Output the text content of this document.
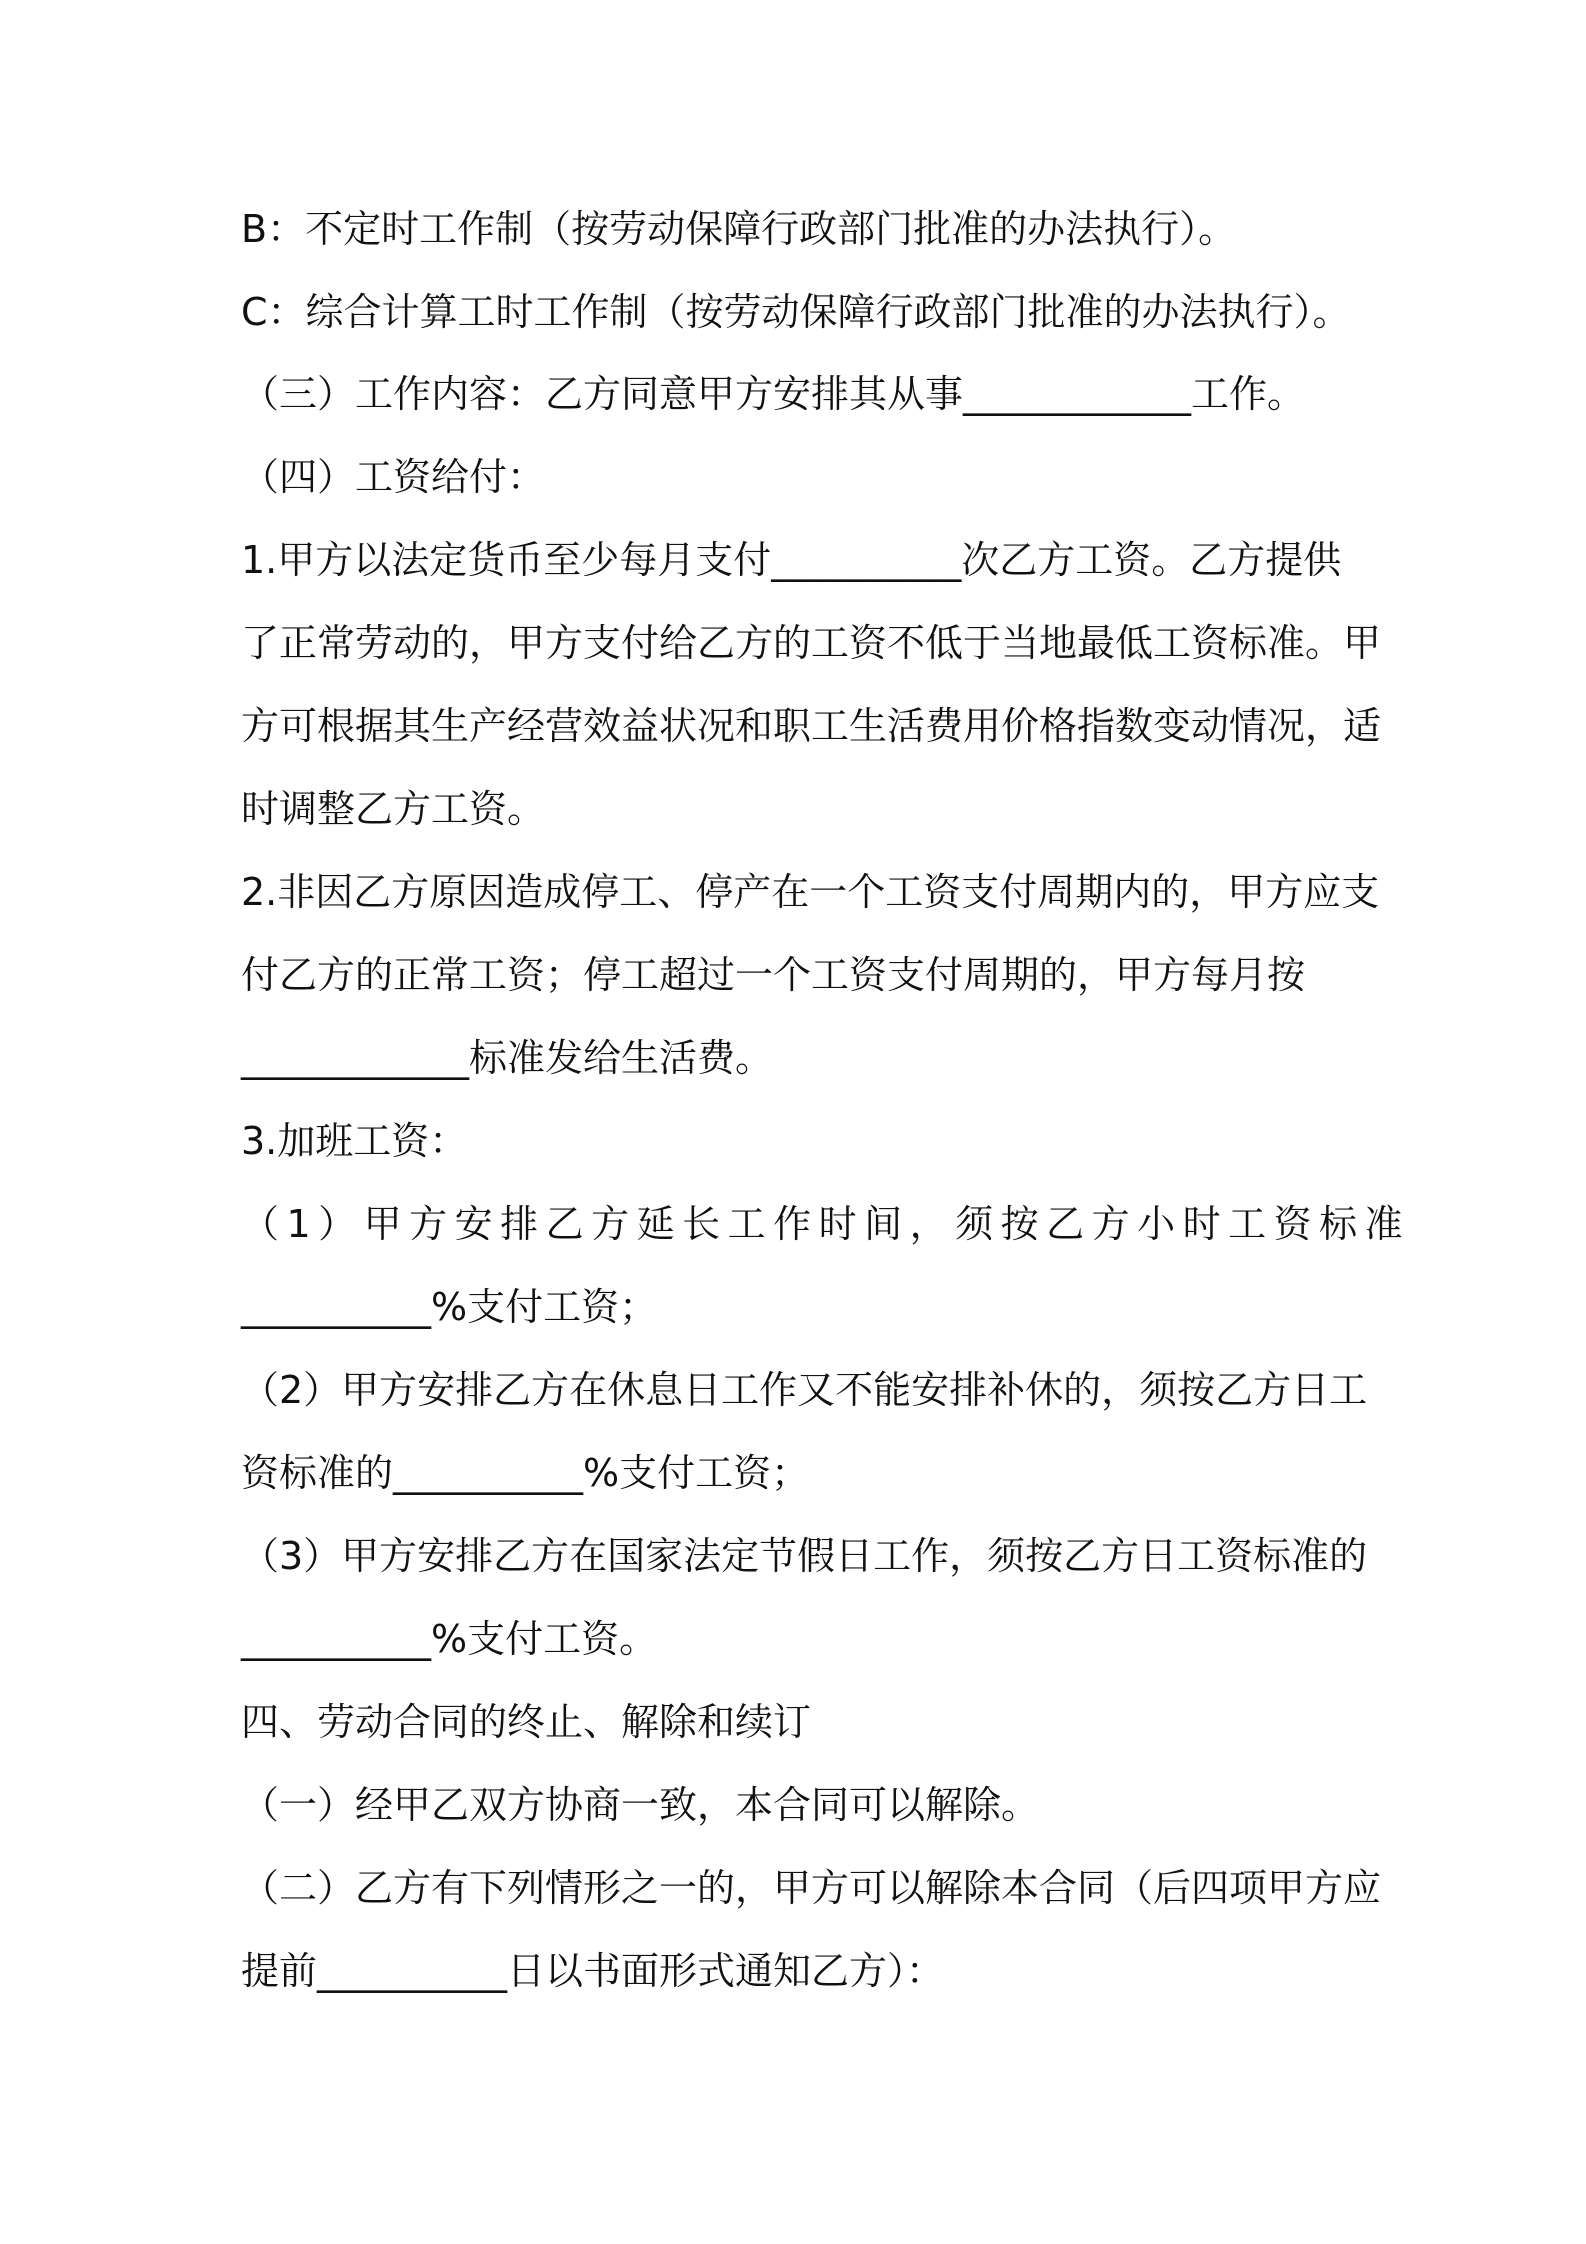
B：不定时工作制（按劳动保障行政部门批准的办法执行）。
C：综合计算工时工作制（按劳动保障行政部门批准的办法执行）。
（三）工作内容：乙方同意甲方安排其从事____________工作。
（四）工资给付：
1.甲方以法定货币至少每月支付__________次乙方工资。乙方提供
了正常劳动的，甲方支付给乙方的工资不低于当地最低工资标准。甲
方可根据其生产经营效益状况和职工生活费用价格指数变动情况，适
时调整乙方工资。
2.非因乙方原因造成停工、停产在一个工资支付周期内的，甲方应支
付乙方的正常工资；停工超过一个工资支付周期的，甲方每月按
____________标准发给生活费。
3.加班工资：
（1）甲方安排乙方延长工作时间，须按乙方小时工资标准
__________%支付工资；
（2）甲方安排乙方在休息日工作又不能安排补休的，须按乙方日工
资标准的__________%支付工资；
（3）甲方安排乙方在国家法定节假日工作，须按乙方日工资标准的
__________%支付工资。
四、劳动合同的终止、解除和续订
（一）经甲乙双方协商一致，本合同可以解除。
（二）乙方有下列情形之一的，甲方可以解除本合同（后四项甲方应
提前__________日以书面形式通知乙方）：
